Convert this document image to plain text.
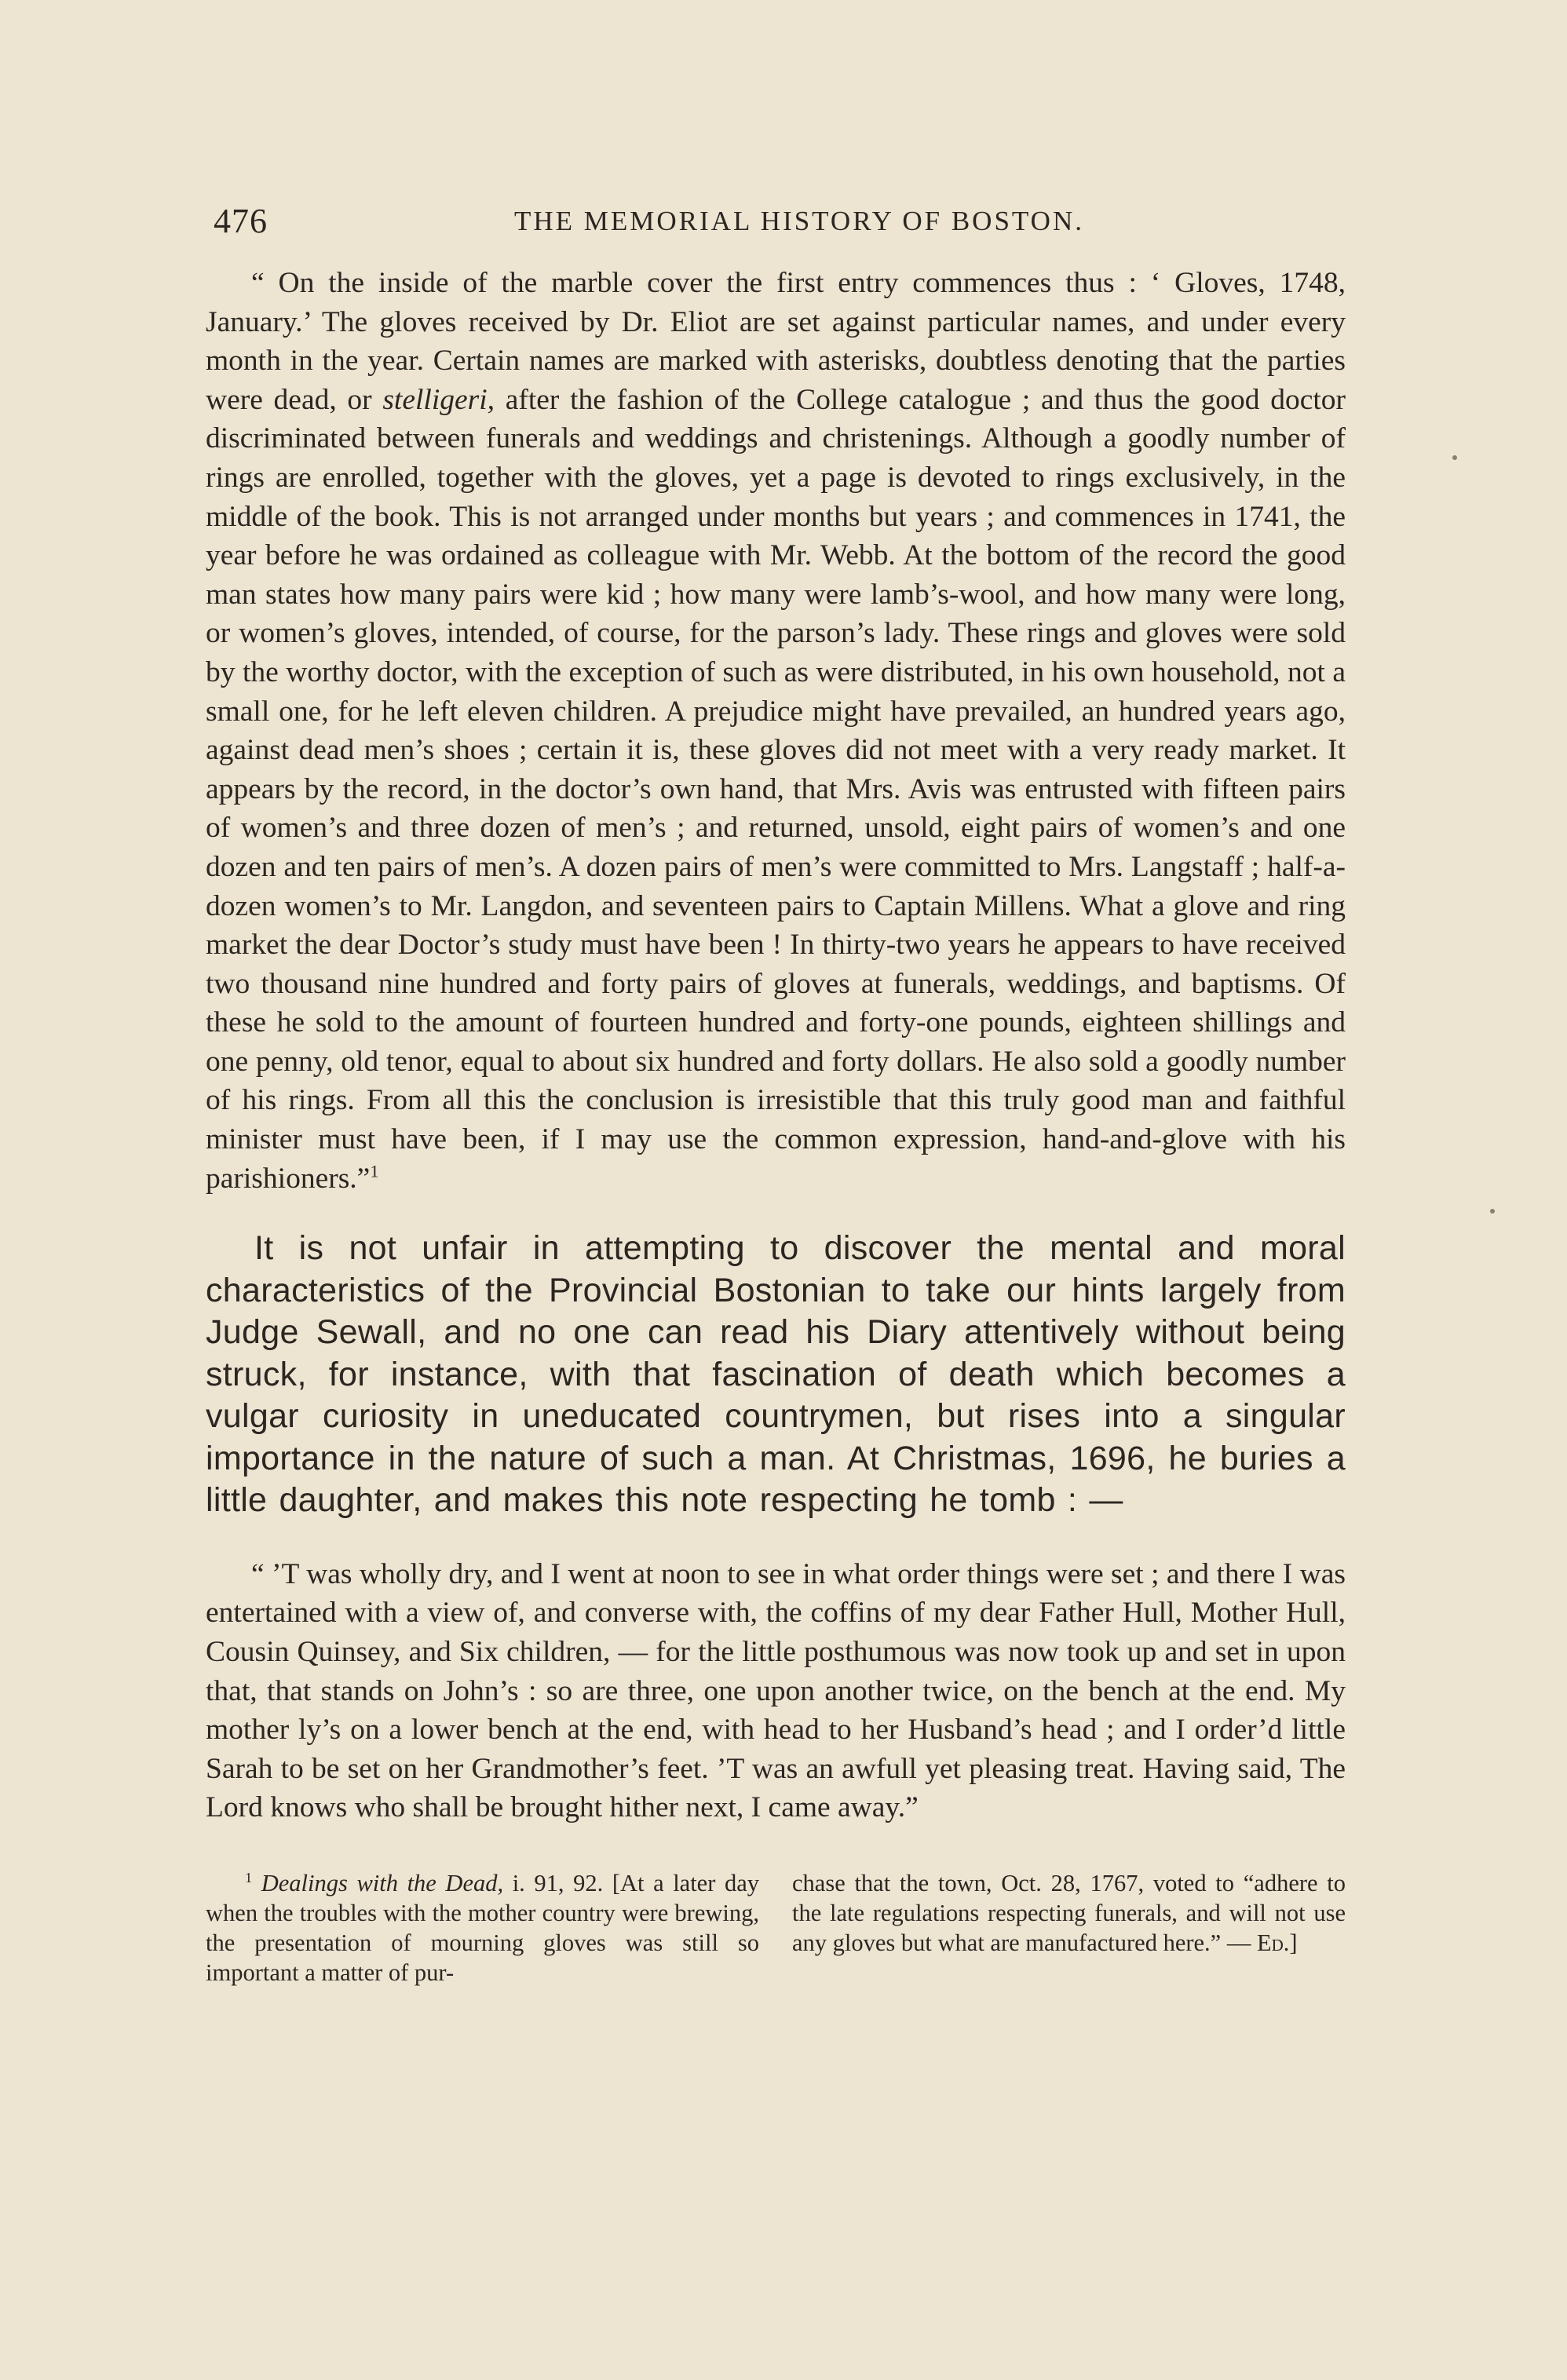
476	THE MEMORIAL HISTORY OF BOSTON.

“ On the inside of the marble cover the first entry commences thus : ‘ Gloves, 1748, January.’ The gloves received by Dr. Eliot are set against particular names, and under every month in the year. Certain names are marked with asterisks, doubtless denoting that the parties were dead, or stelligeri, after the fashion of the College catalogue ; and thus the good doctor discriminated between funerals and weddings and christenings. Although a goodly number of rings are enrolled, together with the gloves, yet a page is devoted to rings exclusively, in the middle of the book. This is not arranged under months but years ; and commences in 1741, the year before he was ordained as colleague with Mr. Webb. At the bottom of the record the good man states how many pairs were kid ; how many were lamb’s-wool, and how many were long, or women’s gloves, intended, of course, for the parson’s lady. These rings and gloves were sold by the worthy doctor, with the exception of such as were distributed, in his own household, not a small one, for he left eleven children. A prejudice might have prevailed, an hundred years ago, against dead men’s shoes ; certain it is, these gloves did not meet with a very ready market. It appears by the record, in the doctor’s own hand, that Mrs. Avis was entrusted with fifteen pairs of women’s and three dozen of men’s ; and returned, unsold, eight pairs of women’s and one dozen and ten pairs of men’s. A dozen pairs of men’s were committed to Mrs. Langstaff ; half-a-dozen women’s to Mr. Langdon, and seventeen pairs to Captain Millens. What a glove and ring market the dear Doctor’s study must have been ! In thirty-two years he appears to have received two thousand nine hundred and forty pairs of gloves at funerals, weddings, and baptisms. Of these he sold to the amount of fourteen hundred and forty-one pounds, eighteen shillings and one penny, old tenor, equal to about six hundred and forty dollars. He also sold a goodly number of his rings. From all this the conclusion is irresistible that this truly good man and faithful minister must have been, if I may use the common expression, hand-and-glove with his parishioners.”$^1$

It is not unfair in attempting to discover the mental and moral characteristics of the Provincial Bostonian to take our hints largely from Judge Sewall, and no one can read his Diary attentively without being struck, for instance, with that fascination of death which becomes a vulgar curiosity in uneducated countrymen, but rises into a singular importance in the nature of such a man. At Christmas, 1696, he buries a little daughter, and makes this note respecting he tomb : —

“ ’T was wholly dry, and I went at noon to see in what order things were set ; and there I was entertained with a view of, and converse with, the coffins of my dear Father Hull, Mother Hull, Cousin Quinsey, and Six children, — for the little posthumous was now took up and set in upon that, that stands on John’s : so are three, one upon another twice, on the bench at the end. My mother ly’s on a lower bench at the end, with head to her Husband’s head ; and I order’d little Sarah to be set on her Grandmother’s feet. ’T was an awfull yet pleasing treat. Having said, The Lord knows who shall be brought hither next, I came away.”

$^1$ Dealings with the Dead, i. 91, 92. [At a later day when the troubles with the mother country were brewing, the presentation of mourning gloves was still so important a matter of pur-
chase that the town, Oct. 28, 1767, voted to “adhere to the late regulations respecting funerals, and will not use any gloves but what are manufactured here.” — Ed.]
